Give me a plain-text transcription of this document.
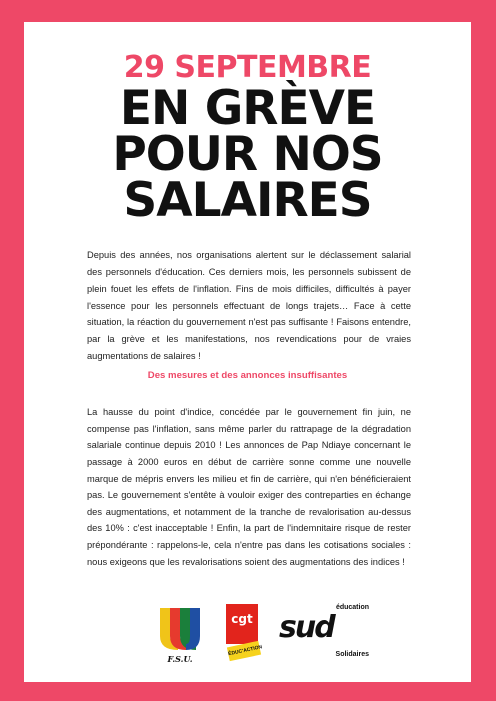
29 SEPTEMBRE
EN GRÈVE
POUR NOS
SALAIRES

Depuis des années, nos organisations alertent sur le déclassement salarial des personnels d'éducation. Ces derniers mois, les personnels subissent de plein fouet les effets de l'inflation. Fins de mois difficiles, difficultés à payer l'essence pour les personnels effectuant de longs trajets… Face à cette situation, la réaction du gouvernement n'est pas suffisante ! Faisons entendre, par la grève et les manifestations, nos revendications pour de vraies augmentations de salaires !

Des mesures et des annonces insuffisantes

La hausse du point d'indice, concédée par le gouvernement fin juin, ne compense pas l'inflation, sans même parler du rattrapage de la dégradation salariale continue depuis 2010 ! Les annonces de Pap Ndiaye concernant le passage à 2000 euros en début de carrière sonne comme une nouvelle marque de mépris envers les milieu et fin de carrière, qui n'en bénéficieraient pas. Le gouvernement s'entête à vouloir exiger des contreparties en échange des augmentations, et notamment de la tranche de revalorisation au-dessus des 10% : c'est inacceptable ! Enfin, la part de l'indemnitaire risque de rester prépondérante : rappelons-le, cela n'entre pas dans les cotisations sociales : nous exigeons que les revalorisations soient des augmentations des indices !

F.S.U.
cgt
ÉDUC'ACTION
éducation
sud
Solidaires
